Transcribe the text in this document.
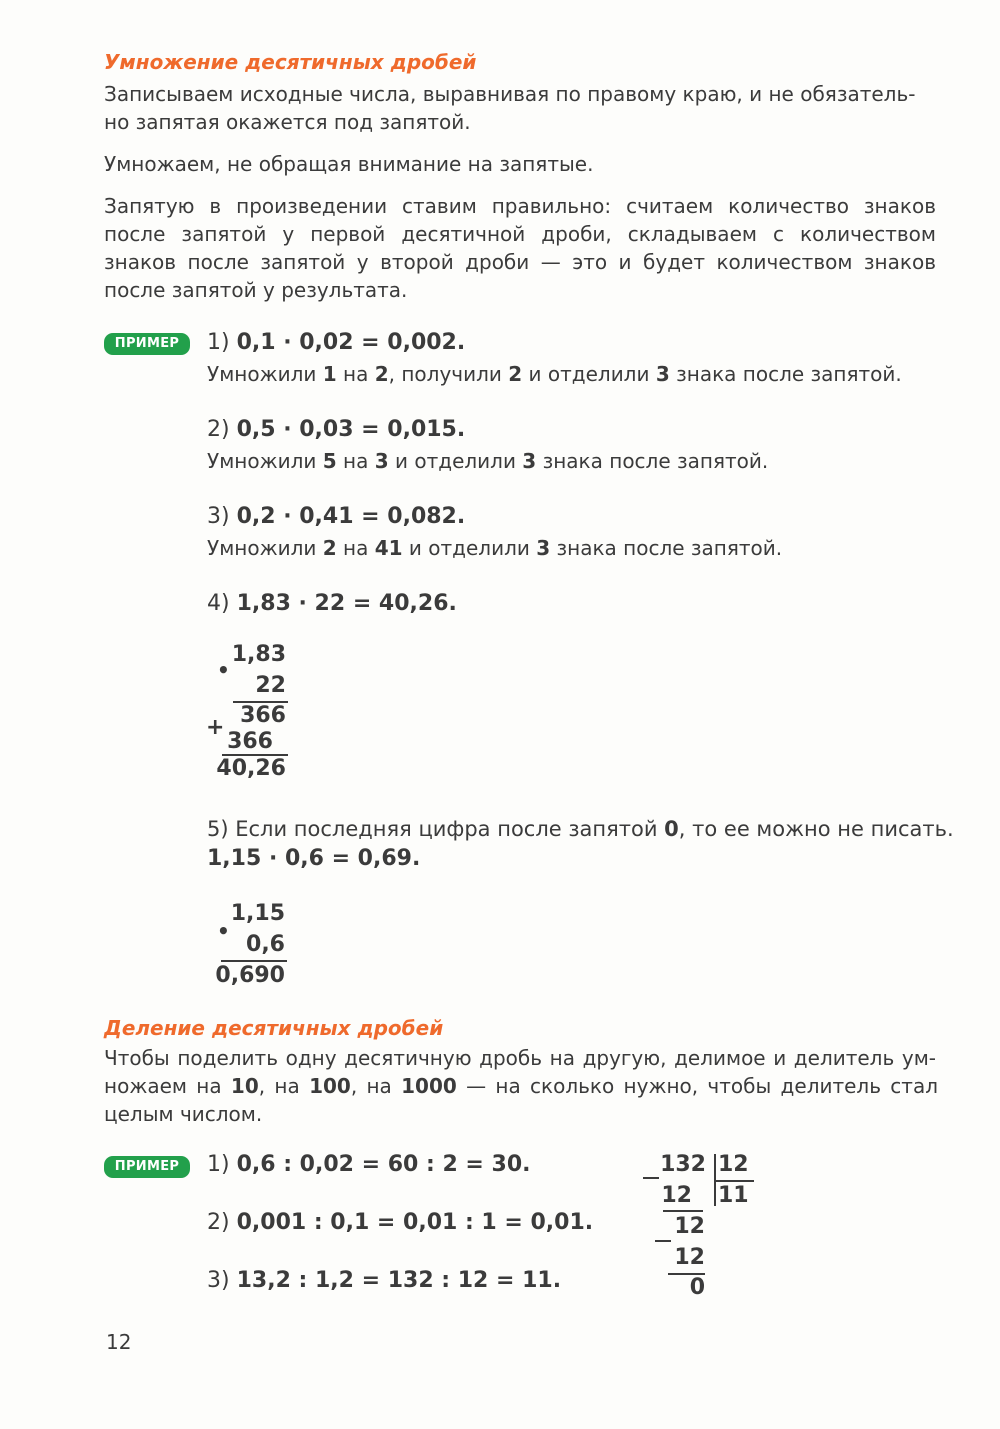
Умножение десятичных дробей
Записываем исходные числа, выравнивая по правому краю, и не обязатель-
но запятая окажется под запятой.
Умножаем, не обращая внимание на запятые.
Запятую в произведении ставим правильно: считаем количество знаков после запятой у первой десятичной дроби, складываем с количеством знаков после запятой у второй дроби — это и будет количеством знаков после запятой у результата.
ПРИМЕР	1) 0,1 · 0,02 = 0,002.
Умножили 1 на 2, получили 2 и отделили 3 знака после запятой.
2) 0,5 · 0,03 = 0,015.
Умножили 5 на 3 и отделили 3 знака после запятой.
3) 0,2 · 0,41 = 0,082.
Умножили 2 на 41 и отделили 3 знака после запятой.
4) 1,83 · 22 = 40,26.
1,83
•
22
366
+
366
40,26
5) Если последняя цифра после запятой 0, то ее можно не писать.
1,15 · 0,6 = 0,69.
1,15
•
0,6
0,690
Деление десятичных дробей
Чтобы поделить одну десятичную дробь на другую, делимое и делитель ум-
целым числом.
ножаем на 10, на 100, на 1000 — на сколько нужно, чтобы делитель стал
ПРИМЕР	1) 0,6 : 0,02 = 60 : 2 = 30.
2) 0,001 : 0,1 = 0,01 : 1 = 0,01.
3) 13,2 : 1,2 = 132 : 12 = 11.
132 12
11
12
12
12
0
12
